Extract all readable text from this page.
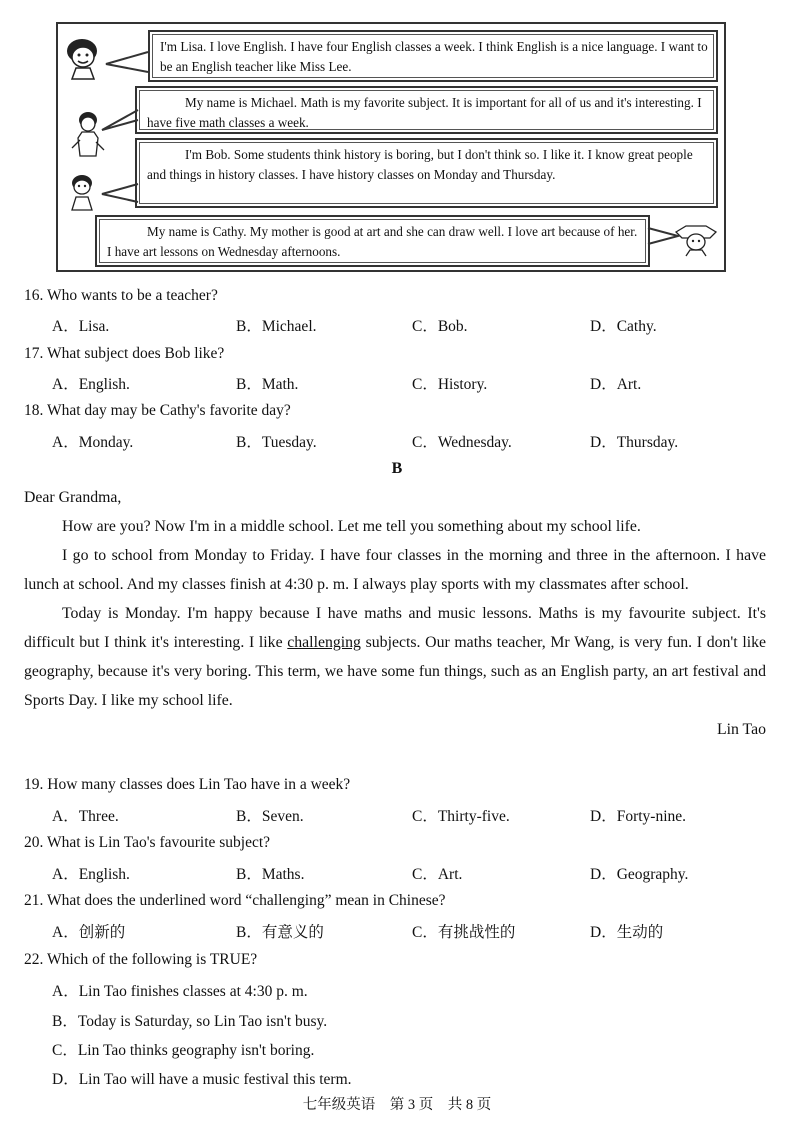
I'm Lisa. I love English. I have four English classes a week. I think English is a nice language. I want to be an English teacher like Miss Lee.
My name is Michael. Math is my favorite subject. It is important for all of us and it's interesting. I have five math classes a week.
I'm Bob. Some students think history is boring, but I don't think so. I like it. I know great people and things in history classes. I have history classes on Monday and Thursday.
My name is Cathy. My mother is good at art and she can draw well. I love art because of her. I have art lessons on Wednesday afternoons.
16. Who wants to be a teacher?
A．Lisa.	B．Michael.	C．Bob.	D．Cathy.
17. What subject does Bob like?
A．English.	B．Math.	C．History.	D．Art.
18. What day may be Cathy's favorite day?
A．Monday.	B．Tuesday.	C．Wednesday.	D．Thursday.
B

Dear Grandma,

How are you? Now I'm in a middle school. Let me tell you something about my school life.

I go to school from Monday to Friday. I have four classes in the morning and three in the afternoon. I have lunch at school. And my classes finish at 4:30 p. m. I always play sports with my classmates after school.

Today is Monday. I'm happy because I have maths and music lessons. Maths is my favourite subject. It's difficult but I think it's interesting. I like challenging subjects. Our maths teacher, Mr Wang, is very fun. I don't like geography, because it's very boring. This term, we have some fun things, such as an English party, an art festival and Sports Day. I like my school life.

Lin Tao

19. How many classes does Lin Tao have in a week?
A．Three.	B．Seven.	C．Thirty-five.	D．Forty-nine.
20. What is Lin Tao's favourite subject?
A．English.	B．Maths.	C．Art.	D．Geography.
21. What does the underlined word “challenging” mean in Chinese?
A．创新的	B．有意义的	C．有挑战性的	D．生动的
22. Which of the following is TRUE?
A．Lin Tao finishes classes at 4:30 p. m.
B．Today is Saturday, so Lin Tao isn't busy.
C．Lin Tao thinks geography isn't boring.
D．Lin Tao will have a music festival this term.
七年级英语　第 3 页　共 8 页
